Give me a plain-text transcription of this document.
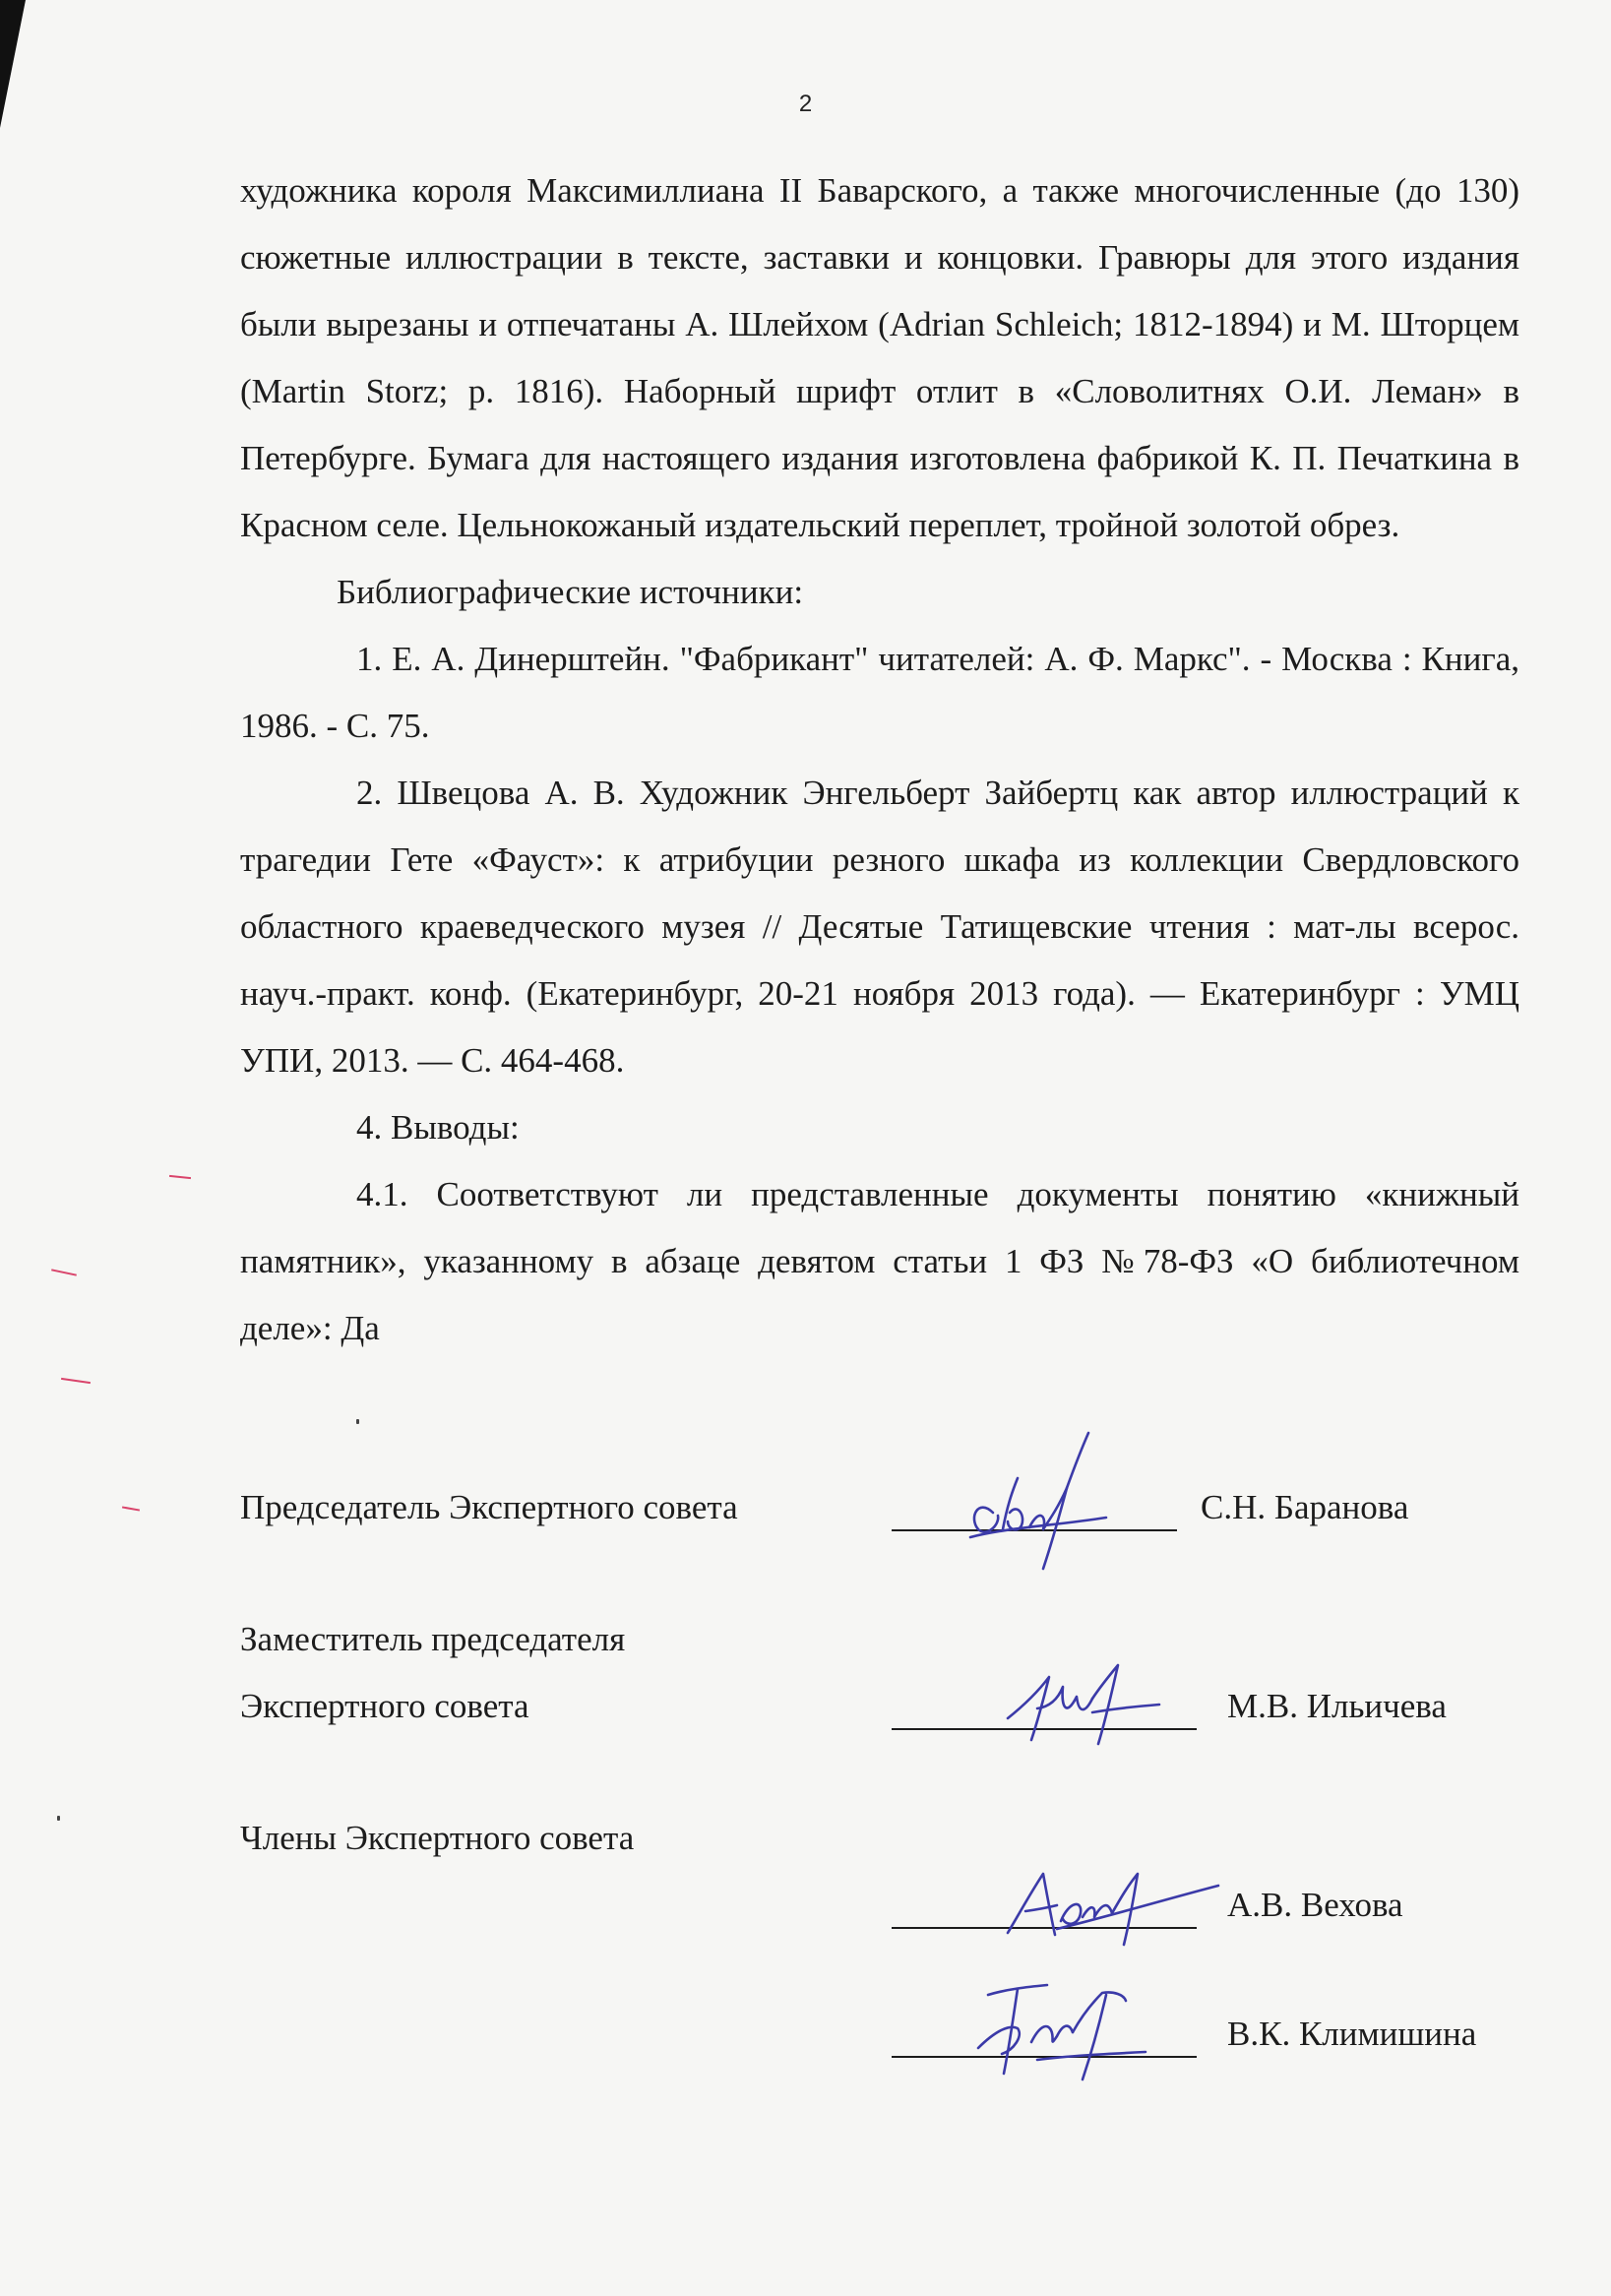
2

художника короля Максимиллиана II Баварского, а также многочисленные (до 130) сюжетные иллюстрации в тексте, заставки и концовки. Гравюры для этого издания были вырезаны и отпечатаны А. Шлейхом (Adrian Schleich; 1812-1894) и М. Шторцем (Martin Storz; р. 1816). Наборный шрифт отлит в «Словолитнях О.И. Леман» в Петербурге. Бумага для настоящего издания изготовлена фабрикой К. П. Печаткина в Красном селе. Цельнокожаный издательский переплет, тройной золотой обрез.

Библиографические источники:

1. Е. А. Динерштейн. "Фабрикант" читателей: А. Ф. Маркс". - Москва : Книга, 1986. - С. 75.

2. Швецова А. В. Художник Энгельберт Зайбертц как автор иллюстраций к трагедии Гете «Фауст»: к атрибуции резного шкафа из коллекции Свердловского областного краеведческого музея // Десятые Татищевские чтения : мат-лы всерос. науч.-практ. конф. (Екатеринбург, 20-21 ноября 2013 года). — Екатеринбург : УМЦ УПИ, 2013. — С. 464-468.

4. Выводы:

4.1. Соответствуют ли представленные документы понятию «книжный памятник», указанному в абзаце девятом статьи 1 ФЗ №78-ФЗ «О библиотечном деле»: Да

Председатель Экспертного совета	С.Н. Баранова
Заместитель председателя
Экспертного совета	М.В. Ильичева
Члены Экспертного совета
А.В. Вехова
В.К. Климишина
